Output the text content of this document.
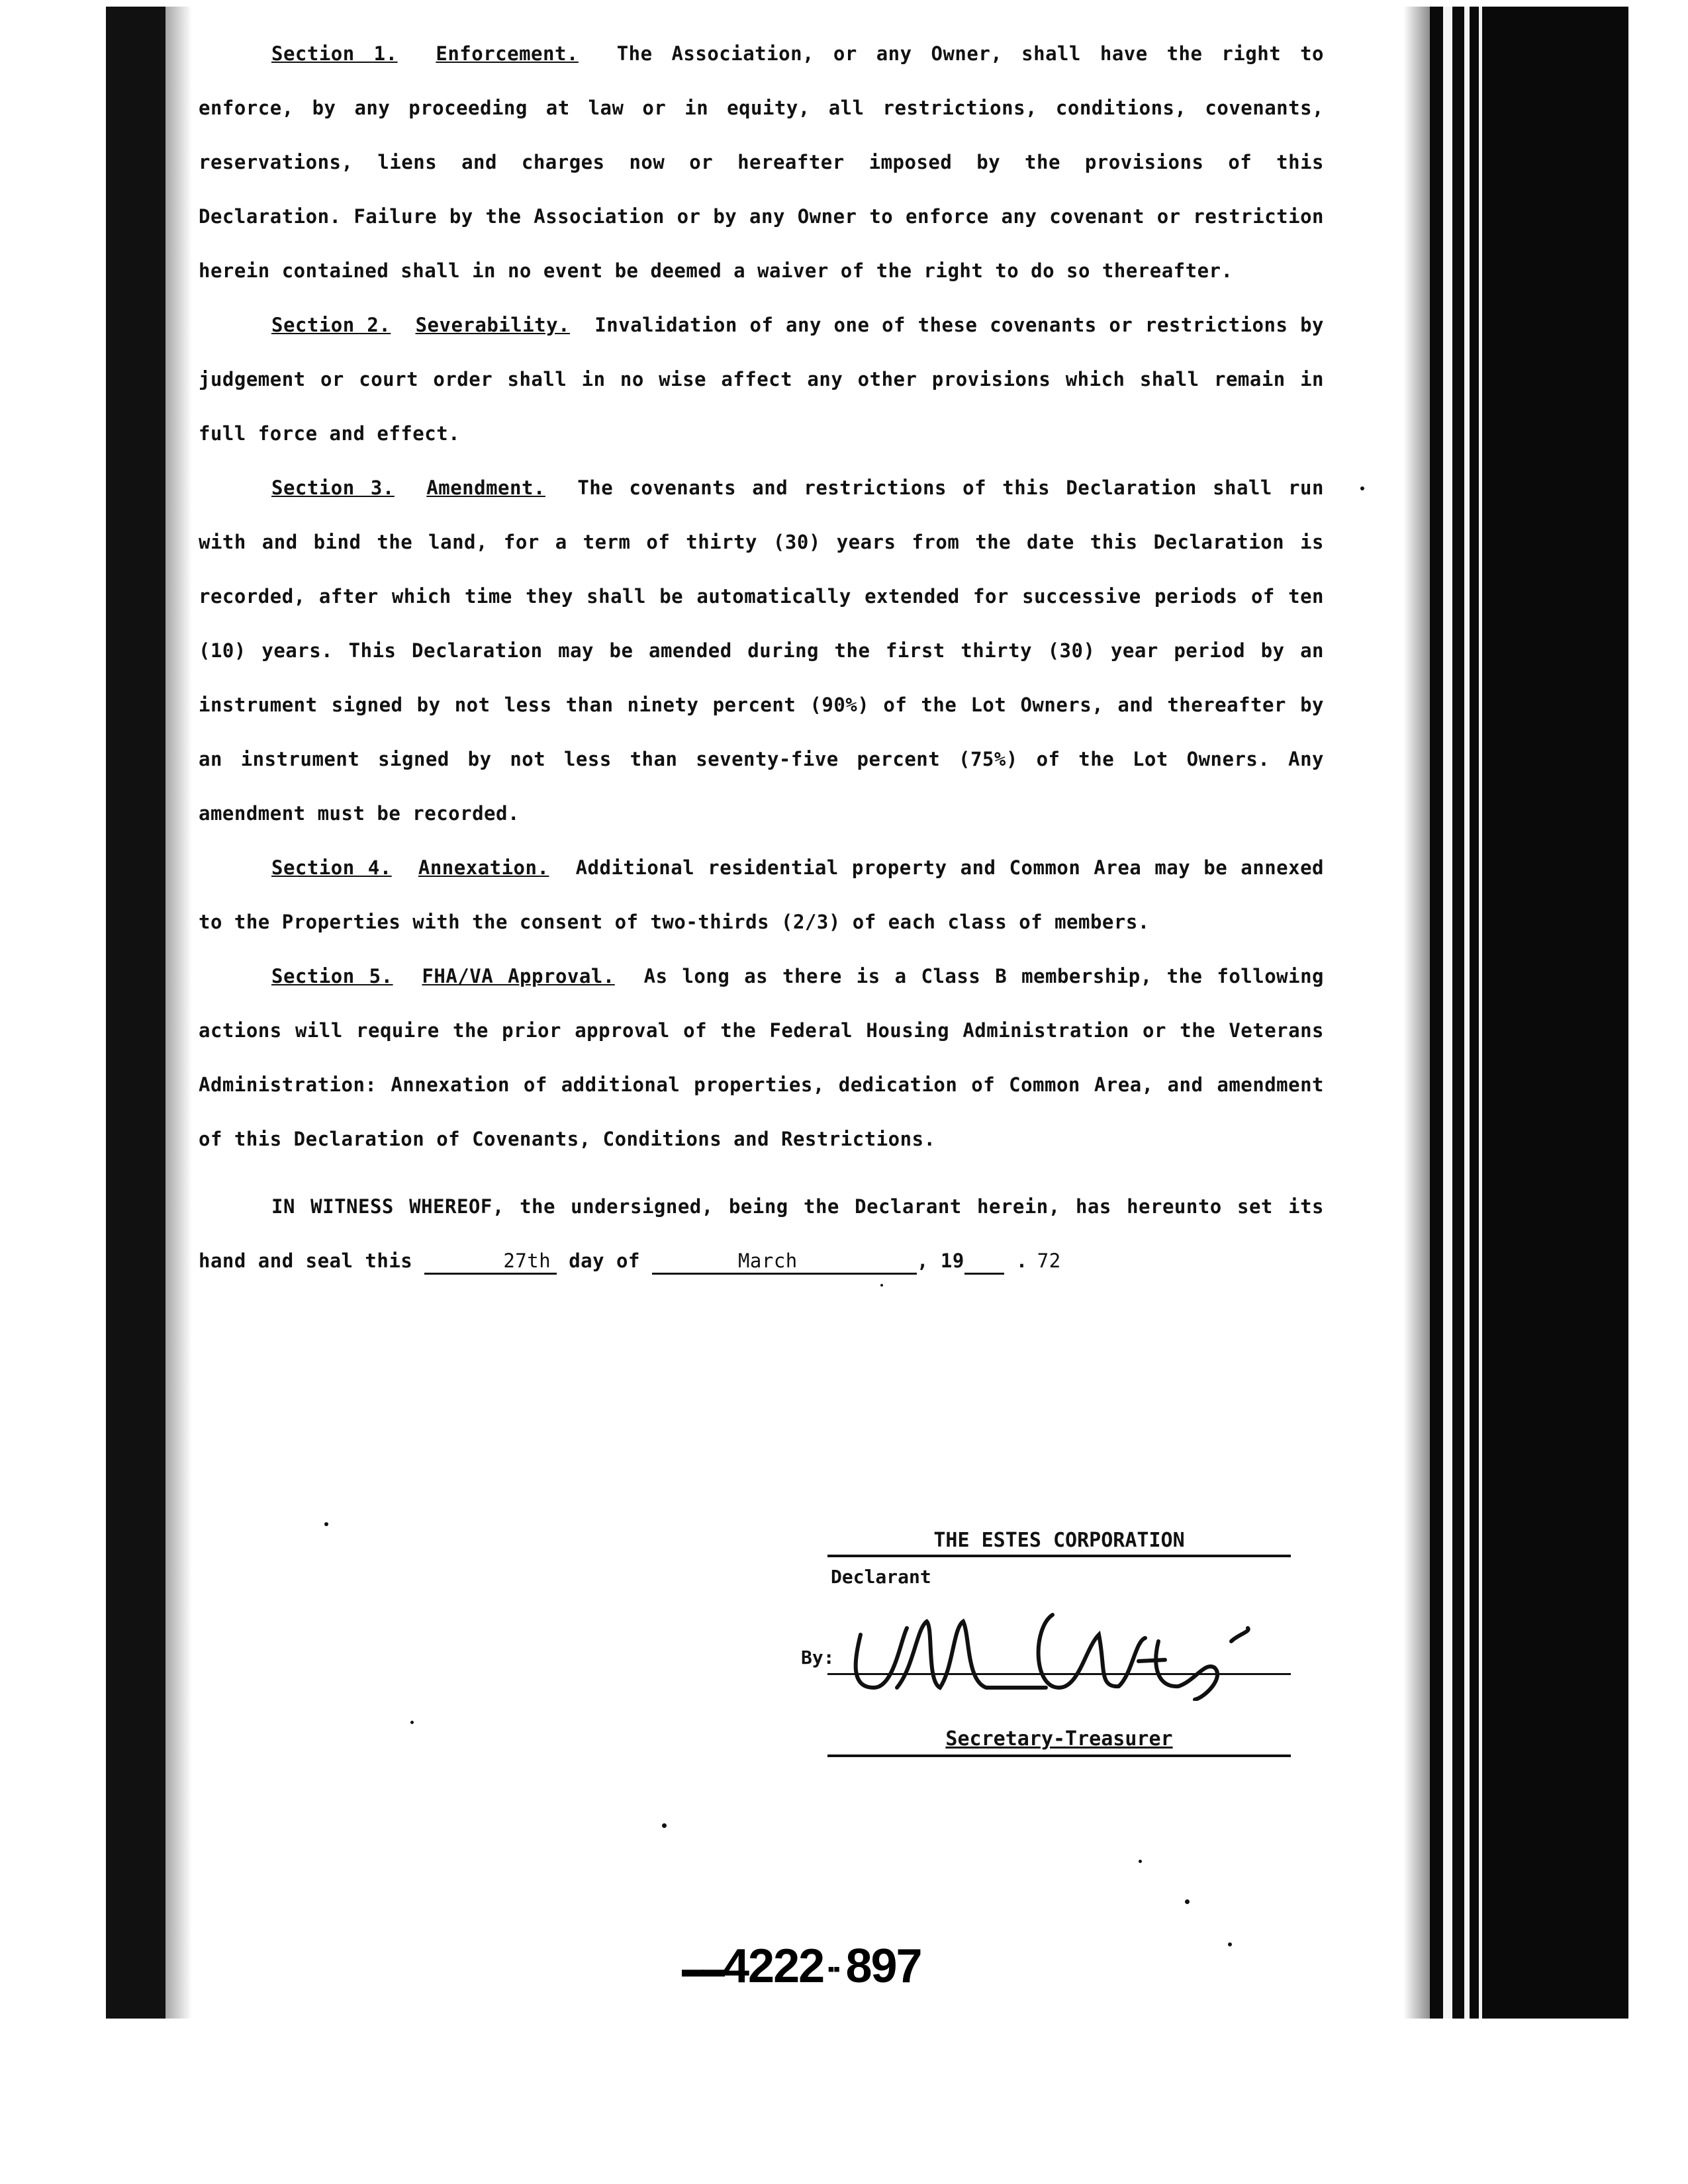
Section 1. Enforcement. The Association, or any Owner, shall have the right to enforce, by any proceeding at law or in equity, all restrictions, conditions, covenants, reservations, liens and charges now or hereafter imposed by the provisions of this Declaration. Failure by the Association or by any Owner to enforce any covenant or restriction herein contained shall in no event be deemed a waiver of the right to do so thereafter.

Section 2. Severability. Invalidation of any one of these covenants or restrictions by judgement or court order shall in no wise affect any other provisions which shall remain in full force and effect.

Section 3. Amendment. The covenants and restrictions of this Declaration shall run with and bind the land, for a term of thirty (30) years from the date this Declaration is recorded, after which time they shall be automatically extended for successive periods of ten (10) years. This Declaration may be amended during the first thirty (30) year period by an instrument signed by not less than ninety percent (90%) of the Lot Owners, and thereafter by an instrument signed by not less than seventy-five percent (75%) of the Lot Owners. Any amendment must be recorded.

Section 4. Annexation. Additional residential property and Common Area may be annexed to the Properties with the consent of two-thirds (2/3) of each class of members.

Section 5. FHA/VA Approval. As long as there is a Class B membership, the following actions will require the prior approval of the Federal Housing Administration or the Veterans Administration: Annexation of additional properties, dedication of Common Area, and amendment of this Declaration of Covenants, Conditions and Restrictions.

IN WITNESS WHEREOF, the undersigned, being the Declarant herein, has hereunto set its hand and seal this	27th day of	March	, 19	72 .

THE ESTES CORPORATION
Declarant
By:
Secretary-Treasurer
▬▬4222 ▪▪ 897
